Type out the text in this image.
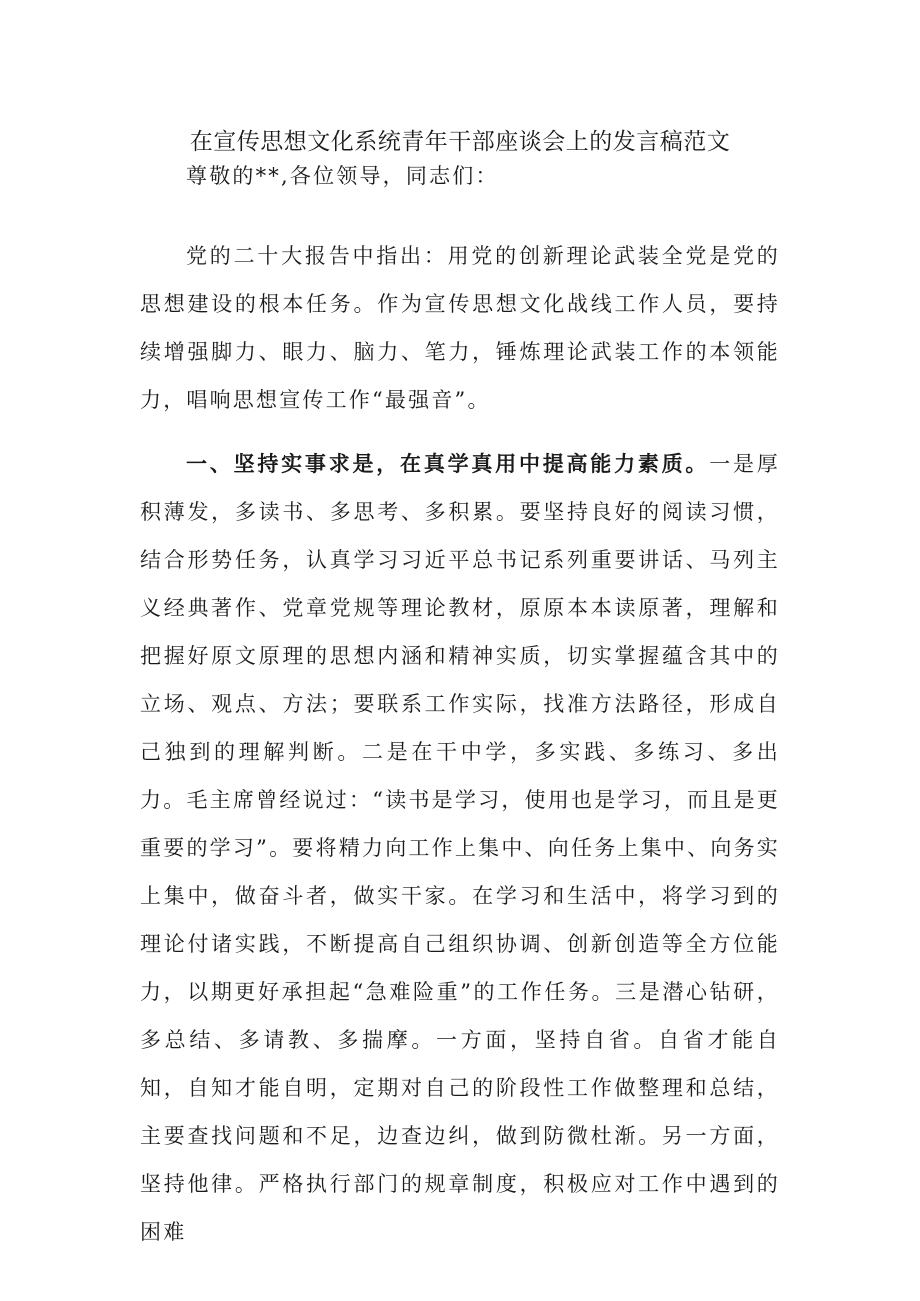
在宣传思想文化系统青年干部座谈会上的发言稿范文

尊敬的**,各位领导，同志们：

党的二十大报告中指出：用党的创新理论武装全党是党的思想建设的根本任务。作为宣传思想文化战线工作人员，要持续增强脚力、眼力、脑力、笔力，锤炼理论武装工作的本领能力，唱响思想宣传工作“最强音”。

一、坚持实事求是，在真学真用中提高能力素质。一是厚积薄发，多读书、多思考、多积累。要坚持良好的阅读习惯，结合形势任务，认真学习习近平总书记系列重要讲话、马列主义经典著作、党章党规等理论教材，原原本本读原著，理解和把握好原文原理的思想内涵和精神实质，切实掌握蕴含其中的立场、观点、方法；要联系工作实际，找准方法路径，形成自己独到的理解判断。二是在干中学，多实践、多练习、多出力。毛主席曾经说过：“读书是学习，使用也是学习，而且是更重要的学习”。要将精力向工作上集中、向任务上集中、向务实上集中，做奋斗者，做实干家。在学习和生活中，将学习到的理论付诸实践，不断提高自己组织协调、创新创造等全方位能力，以期更好承担起“急难险重”的工作任务。三是潜心钻研，多总结、多请教、多揣摩。一方面，坚持自省。自省才能自知，自知才能自明，定期对自己的阶段性工作做整理和总结，主要查找问题和不足，边查边纠，做到防微杜渐。另一方面，坚持他律。严格执行部门的规章制度，积极应对工作中遇到的困难
